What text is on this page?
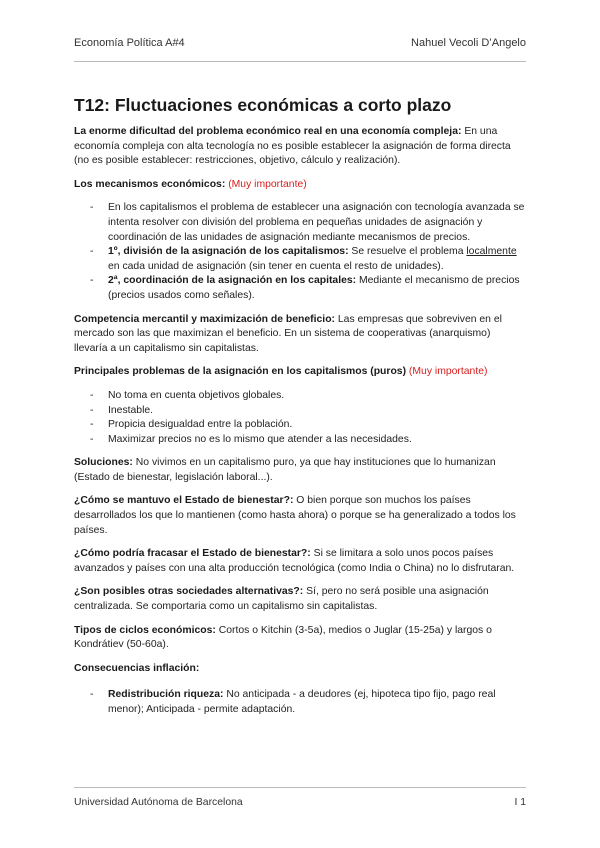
Economía Política A#4	Nahuel Vecoli D’Angelo
T12: Fluctuaciones económicas a corto plazo

La enorme dificultad del problema económico real en una economía compleja: En una economía compleja con alta tecnología no es posible establecer la asignación de forma directa (no es posible establecer: restricciones, objetivo, cálculo y realización).

Los mecanismos económicos: (Muy importante)

- En los capitalismos el problema de establecer una asignación con tecnología avanzada se intenta resolver con división del problema en pequeñas unidades de asignación y coordinación de las unidades de asignación mediante mecanismos de precios.
- 1º, división de la asignación de los capitalismos: Se resuelve el problema localmente en cada unidad de asignación (sin tener en cuenta el resto de unidades).
- 2ª, coordinación de la asignación en los capitales: Mediante el mecanismo de precios (precios usados como señales).

Competencia mercantil y maximización de beneficio: Las empresas que sobreviven en el mercado son las que maximizan el beneficio. En un sistema de cooperativas (anarquismo) llevaría a un capitalismo sin capitalistas.

Principales problemas de la asignación en los capitalismos (puros) (Muy importante)

- No toma en cuenta objetivos globales.
- Inestable.
- Propicia desigualdad entre la población.
- Maximizar precios no es lo mismo que atender a las necesidades.

Soluciones: No vivimos en un capitalismo puro, ya que hay instituciones que lo humanizan (Estado de bienestar, legislación laboral...).

¿Cómo se mantuvo el Estado de bienestar?: O bien porque son muchos los países desarrollados los que lo mantienen (como hasta ahora) o porque se ha generalizado a todos los países.

¿Cómo podría fracasar el Estado de bienestar?: Si se limitara a solo unos pocos países avanzados y países con una alta producción tecnológica (como India o China) no lo disfrutaran.

¿Son posibles otras sociedades alternativas?: Sí, pero no será posible una asignación centralizada. Se comportaria como un capitalismo sin capitalistas.

Tipos de ciclos económicos: Cortos o Kitchin (3-5a), medios o Juglar (15-25a) y largos o Kondrátiev (50-60a).

Consecuencias inflación:

- Redistribución riqueza: No anticipada - a deudores (ej, hipoteca tipo fijo, pago real menor); Anticipada - permite adaptación.
Universidad Autónoma de Barcelona	I 1
